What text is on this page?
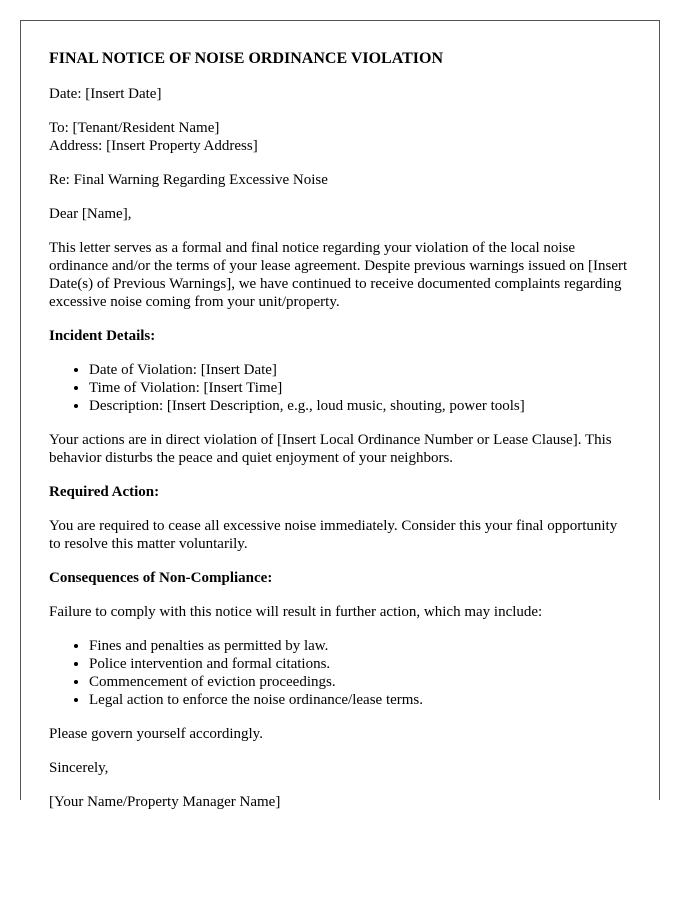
FINAL NOTICE OF NOISE ORDINANCE VIOLATION

Date: [Insert Date]

To: [Tenant/Resident Name]
Address: [Insert Property Address]

Re: Final Warning Regarding Excessive Noise

Dear [Name],

This letter serves as a formal and final notice regarding your violation of the local noise ordinance and/or the terms of your lease agreement. Despite previous warnings issued on [Insert Date(s) of Previous Warnings], we have continued to receive documented complaints regarding excessive noise coming from your unit/property.

Incident Details:
• Date of Violation: [Insert Date]
• Time of Violation: [Insert Time]
• Description: [Insert Description, e.g., loud music, shouting, power tools]

Your actions are in direct violation of [Insert Local Ordinance Number or Lease Clause]. This behavior disturbs the peace and quiet enjoyment of your neighbors.

Required Action:

You are required to cease all excessive noise immediately. Consider this your final opportunity to resolve this matter voluntarily.

Consequences of Non-Compliance:

Failure to comply with this notice will result in further action, which may include:

• Fines and penalties as permitted by law.
• Police intervention and formal citations.
• Commencement of eviction proceedings.
• Legal action to enforce the noise ordinance/lease terms.

Please govern yourself accordingly.

Sincerely,

[Your Name/Property Manager Name]
